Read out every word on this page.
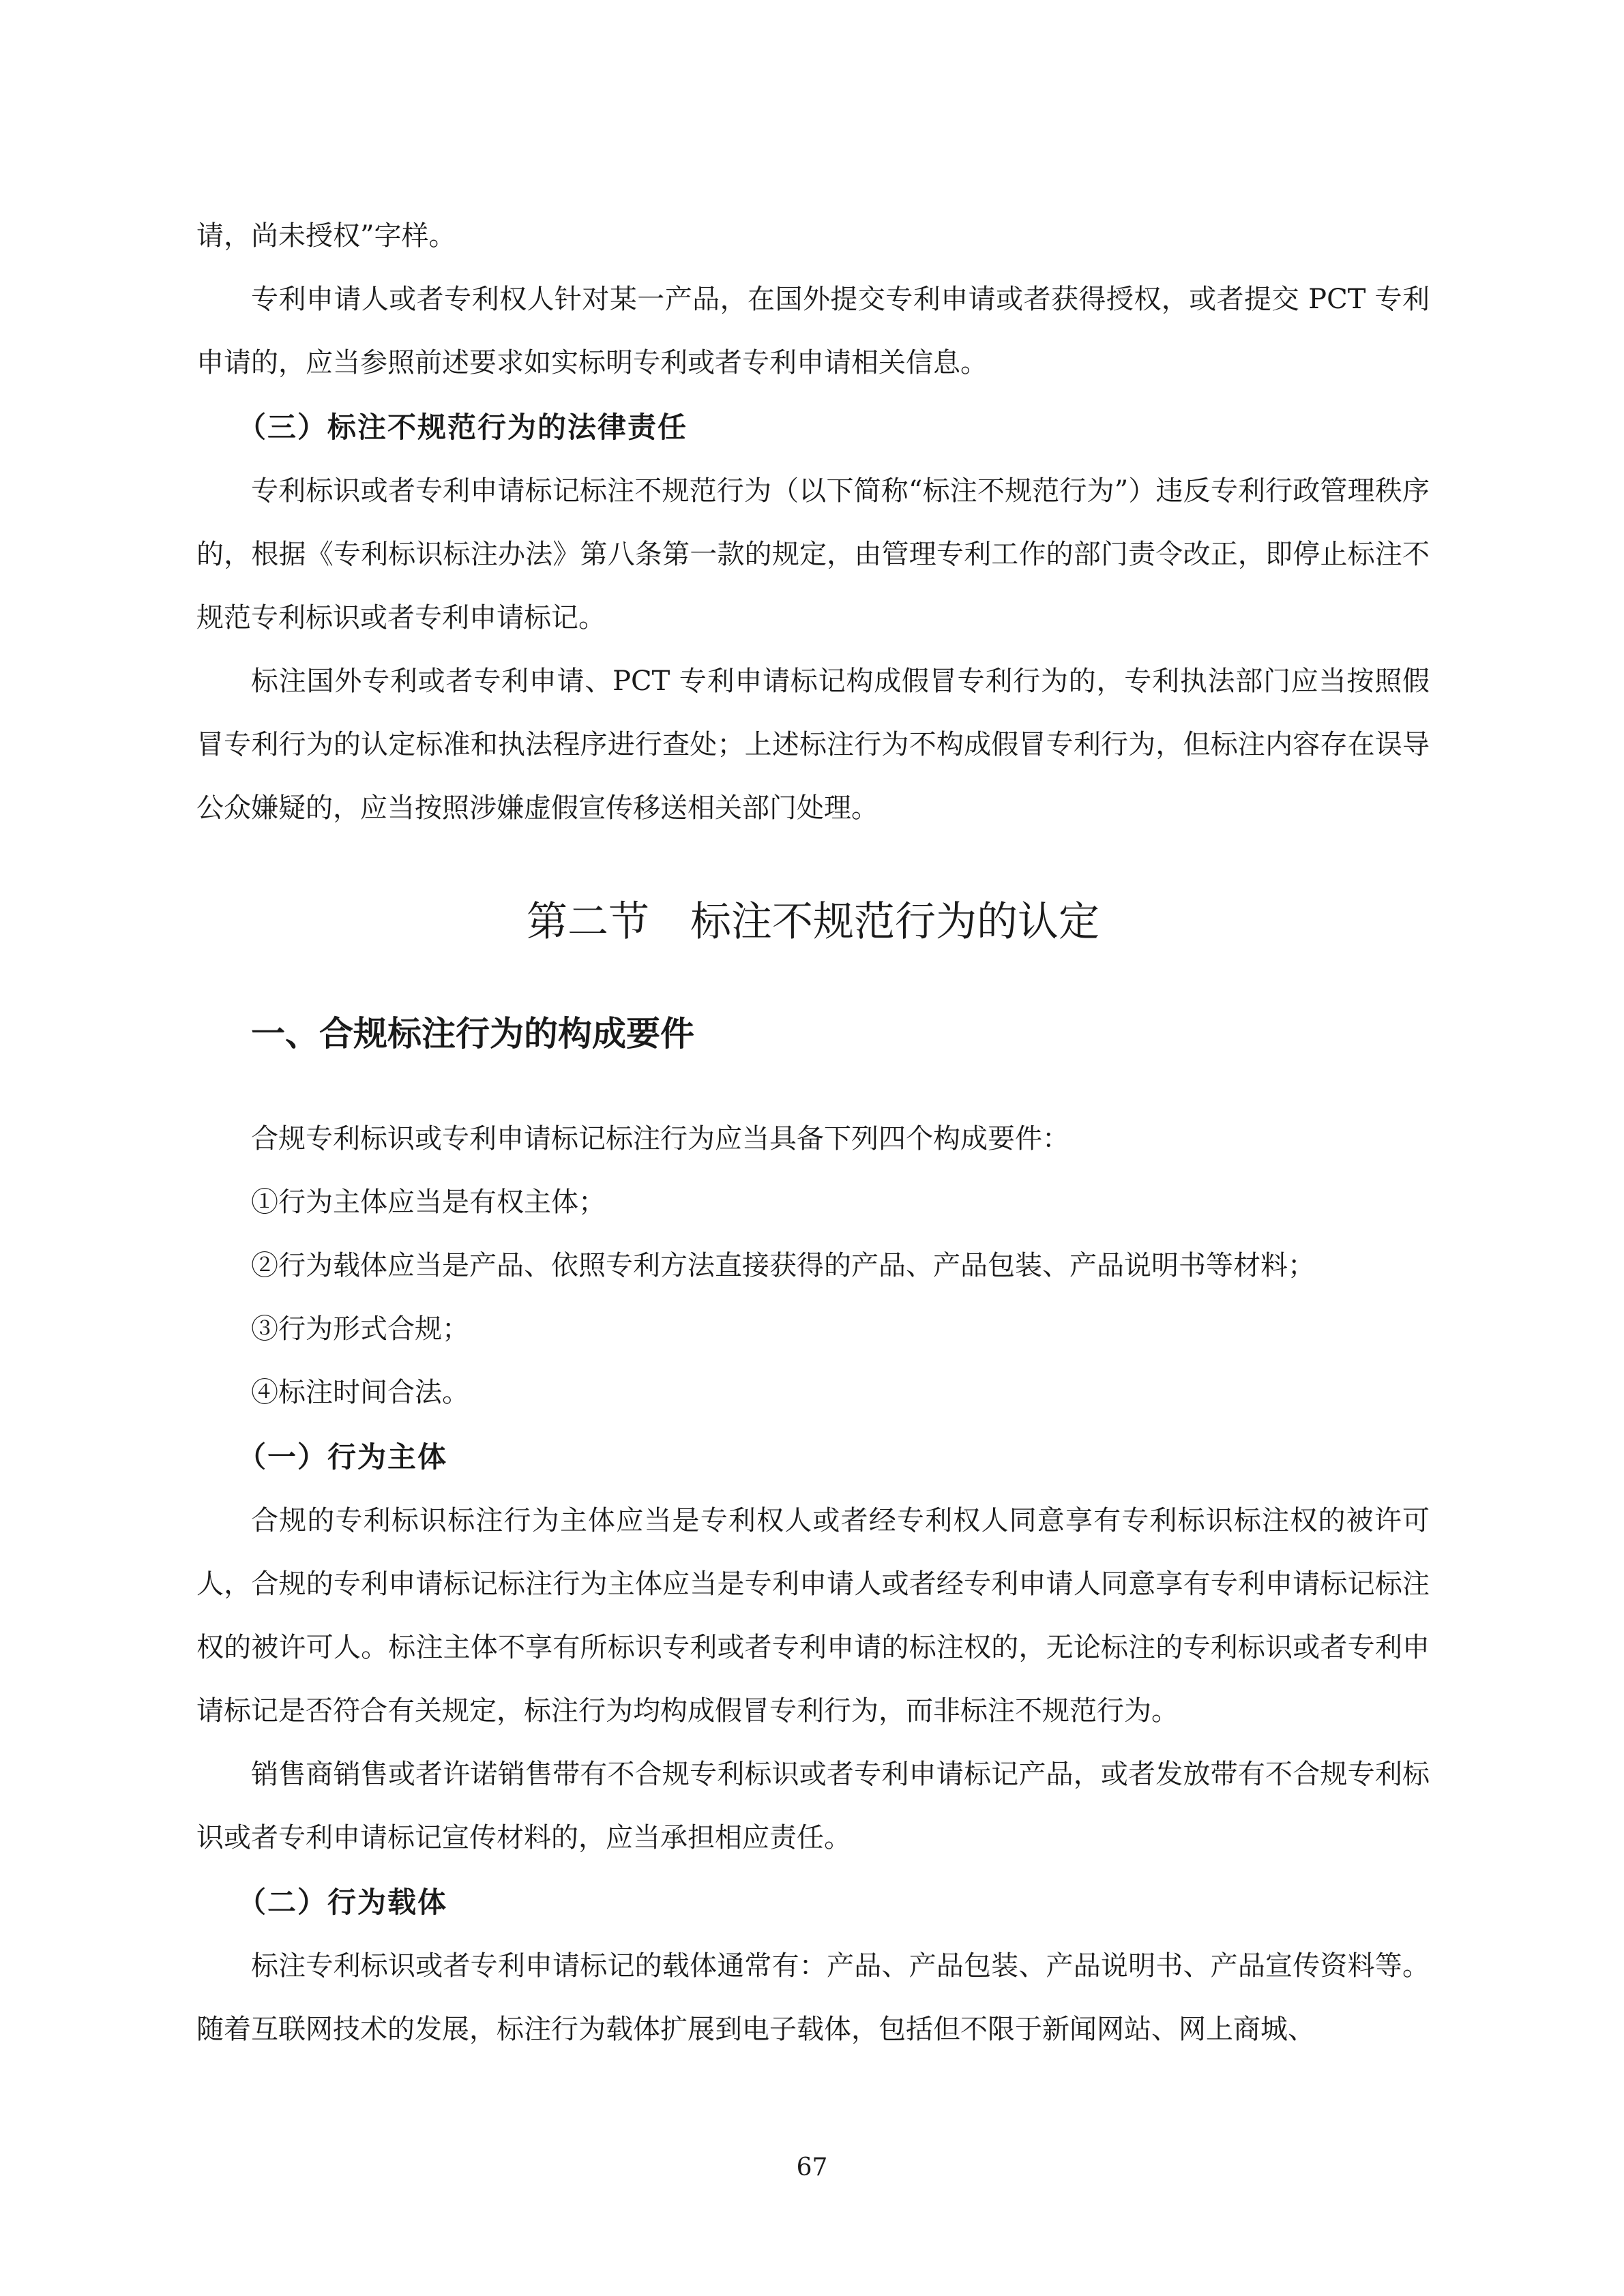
请，尚未授权”字样。

专利申请人或者专利权人针对某一产品，在国外提交专利申请或者获得授权，或者提交 PCT 专利申请的，应当参照前述要求如实标明专利或者专利申请相关信息。

（三）标注不规范行为的法律责任

专利标识或者专利申请标记标注不规范行为（以下简称“标注不规范行为”）违反专利行政管理秩序的，根据《专利标识标注办法》第八条第一款的规定，由管理专利工作的部门责令改正，即停止标注不规范专利标识或者专利申请标记。

标注国外专利或者专利申请、PCT 专利申请标记构成假冒专利行为的，专利执法部门应当按照假冒专利行为的认定标准和执法程序进行查处；上述标注行为不构成假冒专利行为，但标注内容存在误导公众嫌疑的，应当按照涉嫌虚假宣传移送相关部门处理。

第二节 标注不规范行为的认定
一、合规标注行为的构成要件

合规专利标识或专利申请标记标注行为应当具备下列四个构成要件：

①行为主体应当是有权主体；

②行为载体应当是产品、依照专利方法直接获得的产品、产品包装、产品说明书等材料；

③行为形式合规；

④标注时间合法。

（一）行为主体

合规的专利标识标注行为主体应当是专利权人或者经专利权人同意享有专利标识标注权的被许可人，合规的专利申请标记标注行为主体应当是专利申请人或者经专利申请人同意享有专利申请标记标注权的被许可人。标注主体不享有所标识专利或者专利申请的标注权的，无论标注的专利标识或者专利申请标记是否符合有关规定，标注行为均构成假冒专利行为，而非标注不规范行为。

销售商销售或者许诺销售带有不合规专利标识或者专利申请标记产品，或者发放带有不合规专利标识或者专利申请标记宣传材料的，应当承担相应责任。

（二）行为载体

标注专利标识或者专利申请标记的载体通常有：产品、产品包装、产品说明书、产品宣传资料等。随着互联网技术的发展，标注行为载体扩展到电子载体，包括但不限于新闻网站、网上商城、

67
